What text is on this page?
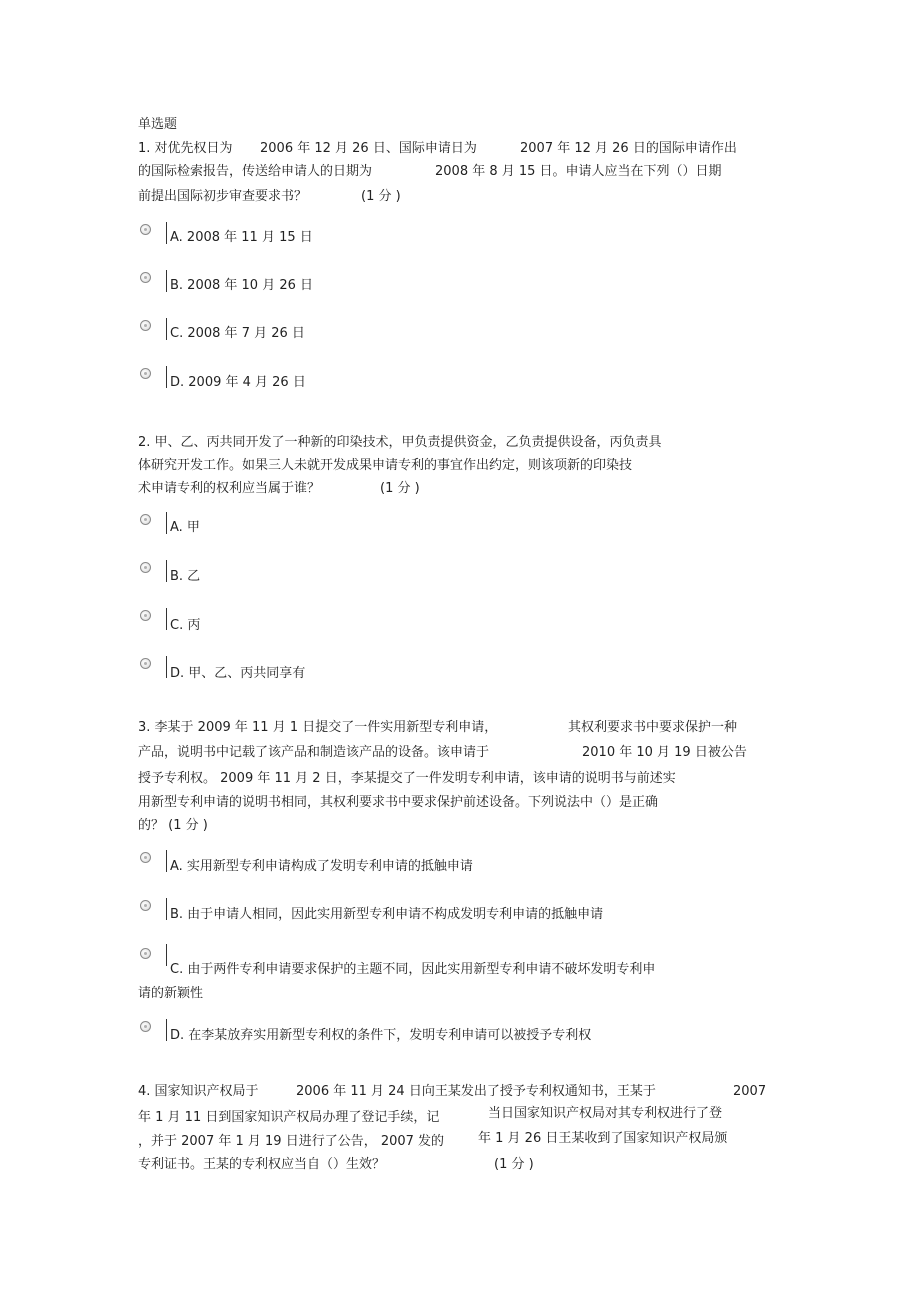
单选题
1. 对优先权日为 2006 年 12 月 26 日、国际申请日为	2007 年 12 月 26 日的国际申请作出
的国际检索报告，传送给申请人的日期为	2008 年 8 月 15 日。申请人应当在下列（）日期
前提出国际初步审查要求书？	(1 分 )
A. 2008 年 11 月 15 日
B. 2008 年 10 月 26 日
C. 2008 年 7 月 26 日
D. 2009 年 4 月 26 日
2. 甲、乙、丙共同开发了一种新的印染技术，甲负责提供资金，乙负责提供设备，丙负责具
体研究开发工作。如果三人未就开发成果申请专利的事宜作出约定，则该项新的印染技
术申请专利的权利应当属于谁？	(1 分 )
A. 甲
B. 乙
C. 丙
D. 甲、乙、丙共同享有
3. 李某于 2009 年 11 月 1 日提交了一件实用新型专利申请，	其权利要求书中要求保护一种
产品，说明书中记载了该产品和制造该产品的设备。该申请于	2010 年 10 月 19 日被公告
授予专利权。 2009 年 11 月 2 日，李某提交了一件发明专利申请，该申请的说明书与前述实
用新型专利申请的说明书相同，其权利要求书中要求保护前述设备。下列说法中（）是正确
的？ (1 分 )
A. 实用新型专利申请构成了发明专利申请的抵触申请
B. 由于申请人相同，因此实用新型专利申请不构成发明专利申请的抵触申请
C. 由于两件专利申请要求保护的主题不同，因此实用新型专利申请不破坏发明专利申
请的新颖性
D. 在李某放弃实用新型专利权的条件下，发明专利申请可以被授予专利权
4. 国家知识产权局于	2006 年 11 月 24 日向王某发出了授予专利权通知书，王某于	2007
年 1 月 11 日到国家知识产权局办理了登记手续，记	当日国家知识产权局对其专利权进行了登
，并于 2007 年 1 月 19 日进行了公告， 2007 发的	年 1 月 26 日王某收到了国家知识产权局颁
专利证书。王某的专利权应当自（）生效？	(1 分 )
